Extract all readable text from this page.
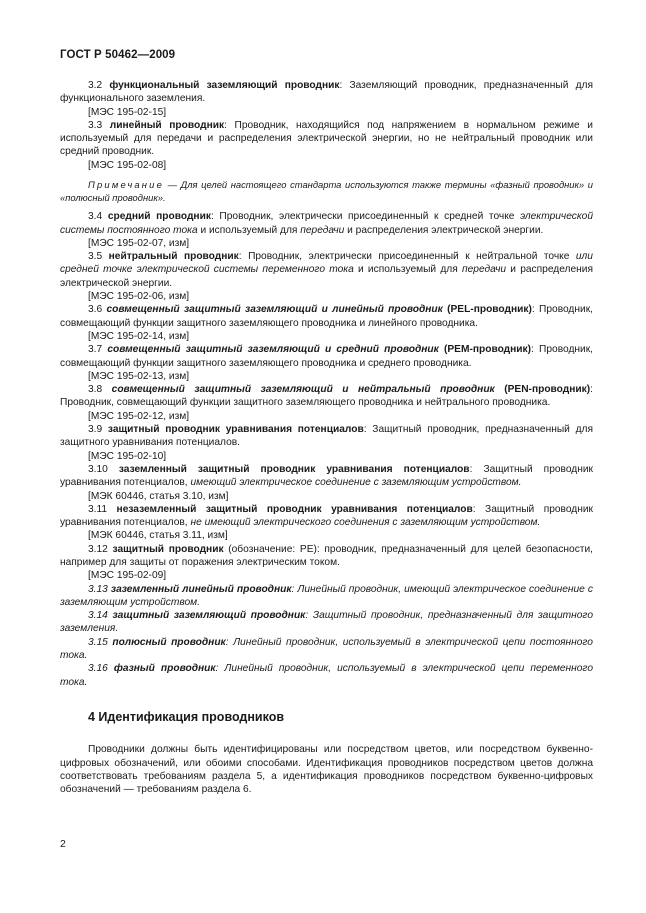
ГОСТ Р 50462—2009

3.2 функциональный заземляющий проводник: Заземляющий проводник, предназначенный для функционального заземления.

[МЭС 195-02-15]

3.3 линейный проводник: Проводник, находящийся под напряжением в нормальном режиме и используемый для передачи и распределения электрической энергии, но не нейтральный проводник или средний проводник.

[МЭС 195-02-08]

Примечание — Для целей настоящего стандарта используются также термины «фазный проводник» и «полюсный проводник».

3.4 средний проводник: Проводник, электрически присоединенный к средней точке электрической системы постоянного тока и используемый для передачи и распределения электрической энергии.

[МЭС 195-02-07, изм]

3.5 нейтральный проводник: Проводник, электрически присоединенный к нейтральной точке или средней точке электрической системы переменного тока и используемый для передачи и распределения электрической энергии.

[МЭС 195-02-06, изм]

3.6 совмещенный защитный заземляющий и линейный проводник (PEL-проводник): Проводник, совмещающий функции защитного заземляющего проводника и линейного проводника.

[МЭС 195-02-14, изм]

3.7 совмещенный защитный заземляющий и средний проводник (PEM-проводник): Проводник, совмещающий функции защитного заземляющего проводника и среднего проводника.

[МЭС 195-02-13, изм]

3.8 совмещенный защитный заземляющий и нейтральный проводник (PEN-проводник): Проводник, совмещающий функции защитного заземляющего проводника и нейтрального проводника.

[МЭС 195-02-12, изм]

3.9 защитный проводник уравнивания потенциалов: Защитный проводник, предназначенный для защитного уравнивания потенциалов.

[МЭС 195-02-10]

3.10 заземленный защитный проводник уравнивания потенциалов: Защитный проводник уравнивания потенциалов, имеющий электрическое соединение с заземляющим устройством.

[МЭК 60446, статья 3.10, изм]

3.11 незаземленный защитный проводник уравнивания потенциалов: Защитный проводник уравнивания потенциалов, не имеющий электрического соединения с заземляющим устройством.

[МЭК 60446, статья 3.11, изм]

3.12 защитный проводник (обозначение: PE): проводник, предназначенный для целей безопасности, например для защиты от поражения электрическим током.

[МЭС 195-02-09]

3.13 заземленный линейный проводник: Линейный проводник, имеющий электрическое соединение с заземляющим устройством.

3.14 защитный заземляющий проводник: Защитный проводник, предназначенный для защитного заземления.

3.15 полюсный проводник: Линейный проводник, используемый в электрической цепи постоянного тока.

3.16 фазный проводник: Линейный проводник, используемый в электрической цепи переменного тока.

4 Идентификация проводников

Проводники должны быть идентифицированы или посредством цветов, или посредством буквенно-цифровых обозначений, или обоими способами. Идентификация проводников посредством цветов должна соответствовать требованиям раздела 5, а идентификация проводников посредством буквенно-цифровых обозначений — требованиям раздела 6.

2
